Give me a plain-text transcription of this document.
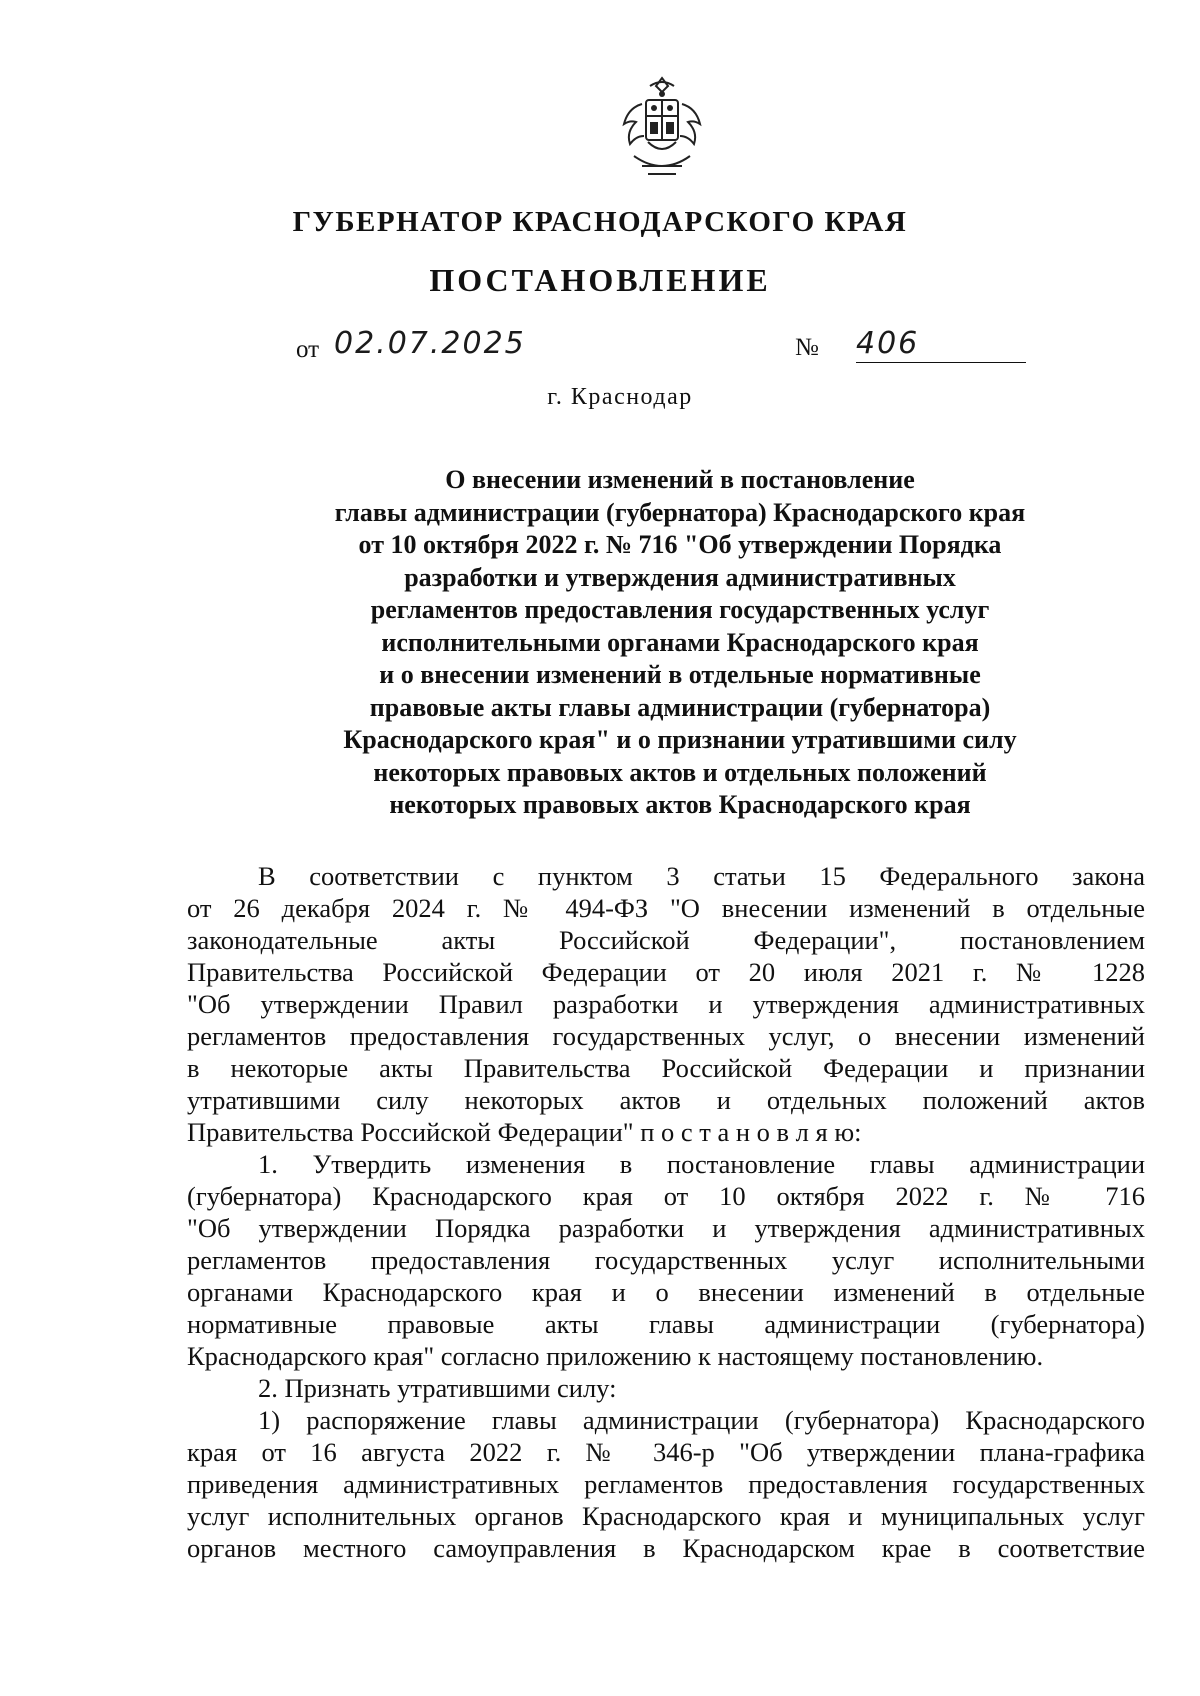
ГУБЕРНАТОР КРАСНОДАРСКОГО КРАЯ
ПОСТАНОВЛЕНИЕ
от 02.07.2025	№ 406
г. Краснодар
О внесении изменений в постановление
главы администрации (губернатора) Краснодарского края
от 10 октября 2022 г. № 716 "Об утверждении Порядка
разработки и утверждения административных
регламентов предоставления государственных услуг
исполнительными органами Краснодарского края
и о внесении изменений в отдельные нормативные
правовые акты главы администрации (губернатора)
Краснодарского края" и о признании утратившими силу
некоторых правовых актов и отдельных положений
некоторых правовых актов Краснодарского края
В соответствии с пунктом 3 статьи 15 Федерального закона
от 26 декабря 2024 г. № 494-ФЗ "О внесении изменений в отдельные
законодательные акты Российской Федерации", постановлением
Правительства Российской Федерации от 20 июля 2021 г. № 1228
"Об утверждении Правил разработки и утверждения административных
регламентов предоставления государственных услуг, о внесении изменений
в некоторые акты Правительства Российской Федерации и признании
утратившими силу некоторых актов и отдельных положений актов
Правительства Российской Федерации" п о с т а н о в л я ю:
1. Утвердить изменения в постановление главы администрации
(губернатора) Краснодарского края от 10 октября 2022 г. № 716
"Об утверждении Порядка разработки и утверждения административных
регламентов предоставления государственных услуг исполнительными
органами Краснодарского края и о внесении изменений в отдельные
нормативные правовые акты главы администрации (губернатора)
Краснодарского края" согласно приложению к настоящему постановлению.
2. Признать утратившими силу:
1) распоряжение главы администрации (губернатора) Краснодарского
края от 16 августа 2022 г. № 346-р "Об утверждении плана-графика
приведения административных регламентов предоставления государственных
услуг исполнительных органов Краснодарского края и муниципальных услуг
органов местного самоуправления в Краснодарском крае в соответствие
